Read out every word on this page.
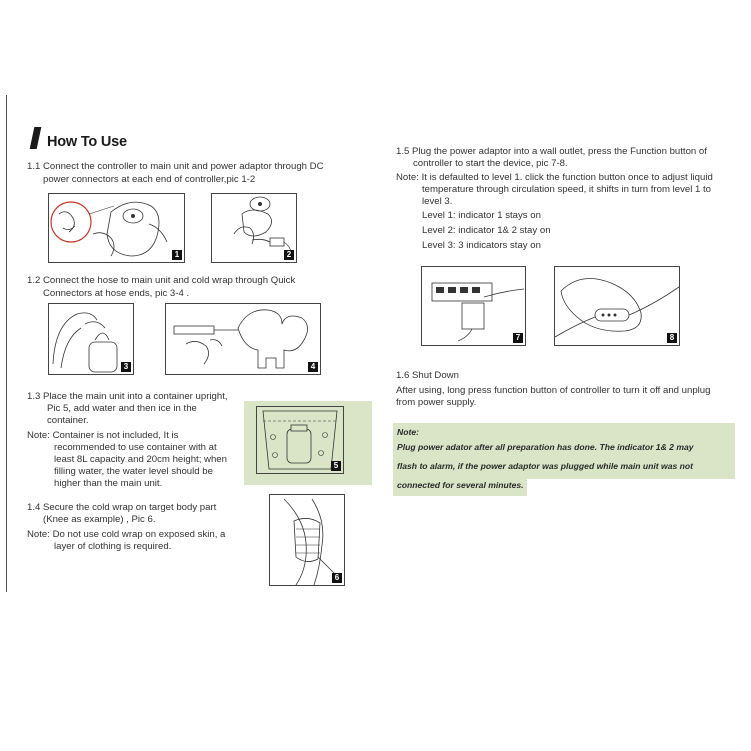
How To Use
1.1 Connect the controller to main unit and power adaptor through DC
power connectors at each end of controller,pic 1-2
1	2
1.2 Connect the hose to main unit and cold wrap through Quick
Connectors at hose ends, pic 3-4 .
3	4
1.3 Place the main unit into a container upright,
Pic 5, add water and then ice in the
container.
Note: Container is not included, It is
recommended to use container with at
least 8L capacity and 20cm height; when
filling water, the water level should be
higher than the main unit.
5
1.4 Secure the cold wrap on target body part
(Knee as example) , Pic 6.
Note: Do not use cold wrap on exposed skin, a
layer of clothing is required.
6
1.5 Plug the power adaptor into a wall outlet, press the Function button of
controller to start the device, pic 7-8.
Note: It is defaulted to level 1. click the function button once to adjust liquid
temperature through circulation speed, it shifts in turn from level 1 to
level 3.
Level 1: indicator 1 stays on
Level 2: indicator 1& 2 stay on
Level 3: 3 indicators stay on
7	8
1.6 Shut Down
After using, long press function button of controller to turn it off and unplug
from power supply.
Note:
Plug power adator after all preparation has done. The indicator 1& 2 may
flash to alarm, if the power adaptor was plugged while main unit was not
connected for several minutes.
